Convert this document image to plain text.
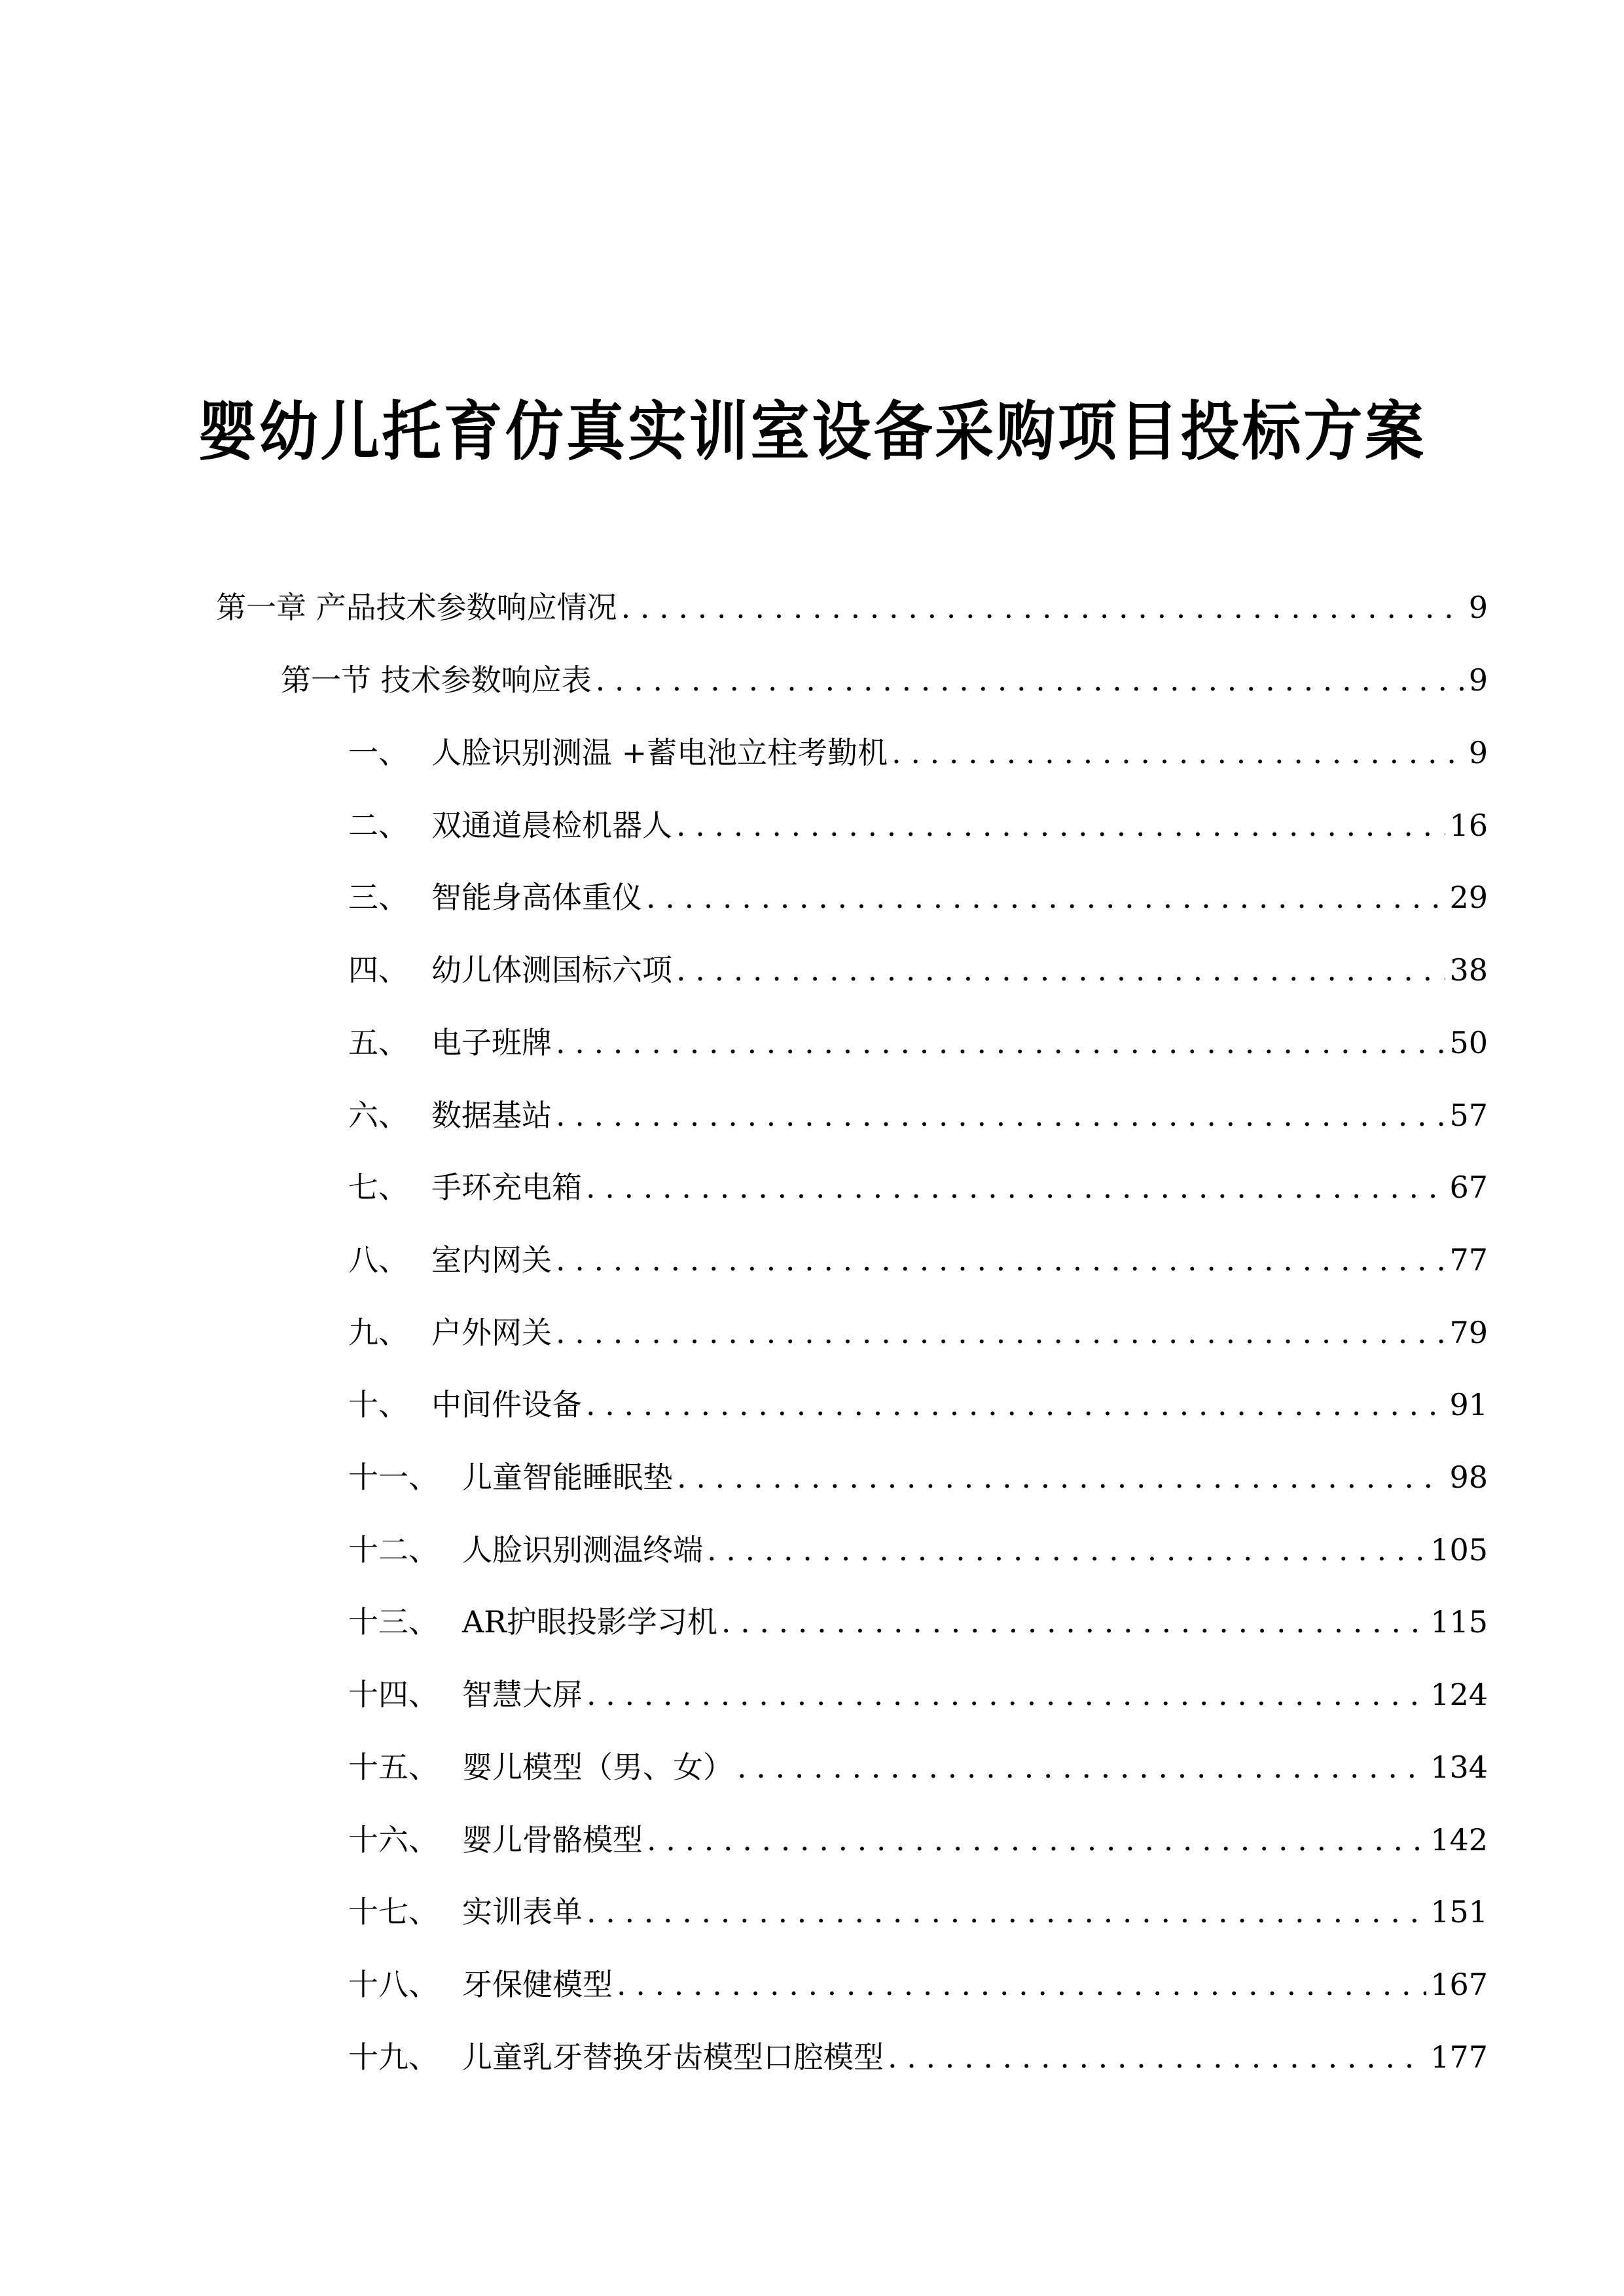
婴幼儿托育仿真实训室设备采购项目投标方案
第一章 产品技术参数响应情况 . . .	9
第一节 技术参数响应表 . . .	9
一、 人脸识别测温 +蓄电池立柱考勤机 . . .	9
二、 双通道晨检机器人 . . .	16
三、 智能身高体重仪 . . .	29
四、 幼儿体测国标六项 . . .	38
五、 电子班牌 . . .	50
六、 数据基站 . . .	57
七、 手环充电箱 . . .	67
八、 室内网关 . . .	77
九、 户外网关 . . .	79
十、 中间件设备 . . .	91
十一、 儿童智能睡眠垫 . . .	98
十二、 人脸识别测温终端 . . .	105
十三、 AR护眼投影学习机 . . .	115
十四、 智慧大屏 . . .	124
十五、 婴儿模型（男、女） . . .	134
十六、 婴儿骨骼模型 . . .	142
十七、 实训表单 . . .	151
十八、 牙保健模型 . . .	167
十九、 儿童乳牙替换牙齿模型口腔模型 . . .	177
